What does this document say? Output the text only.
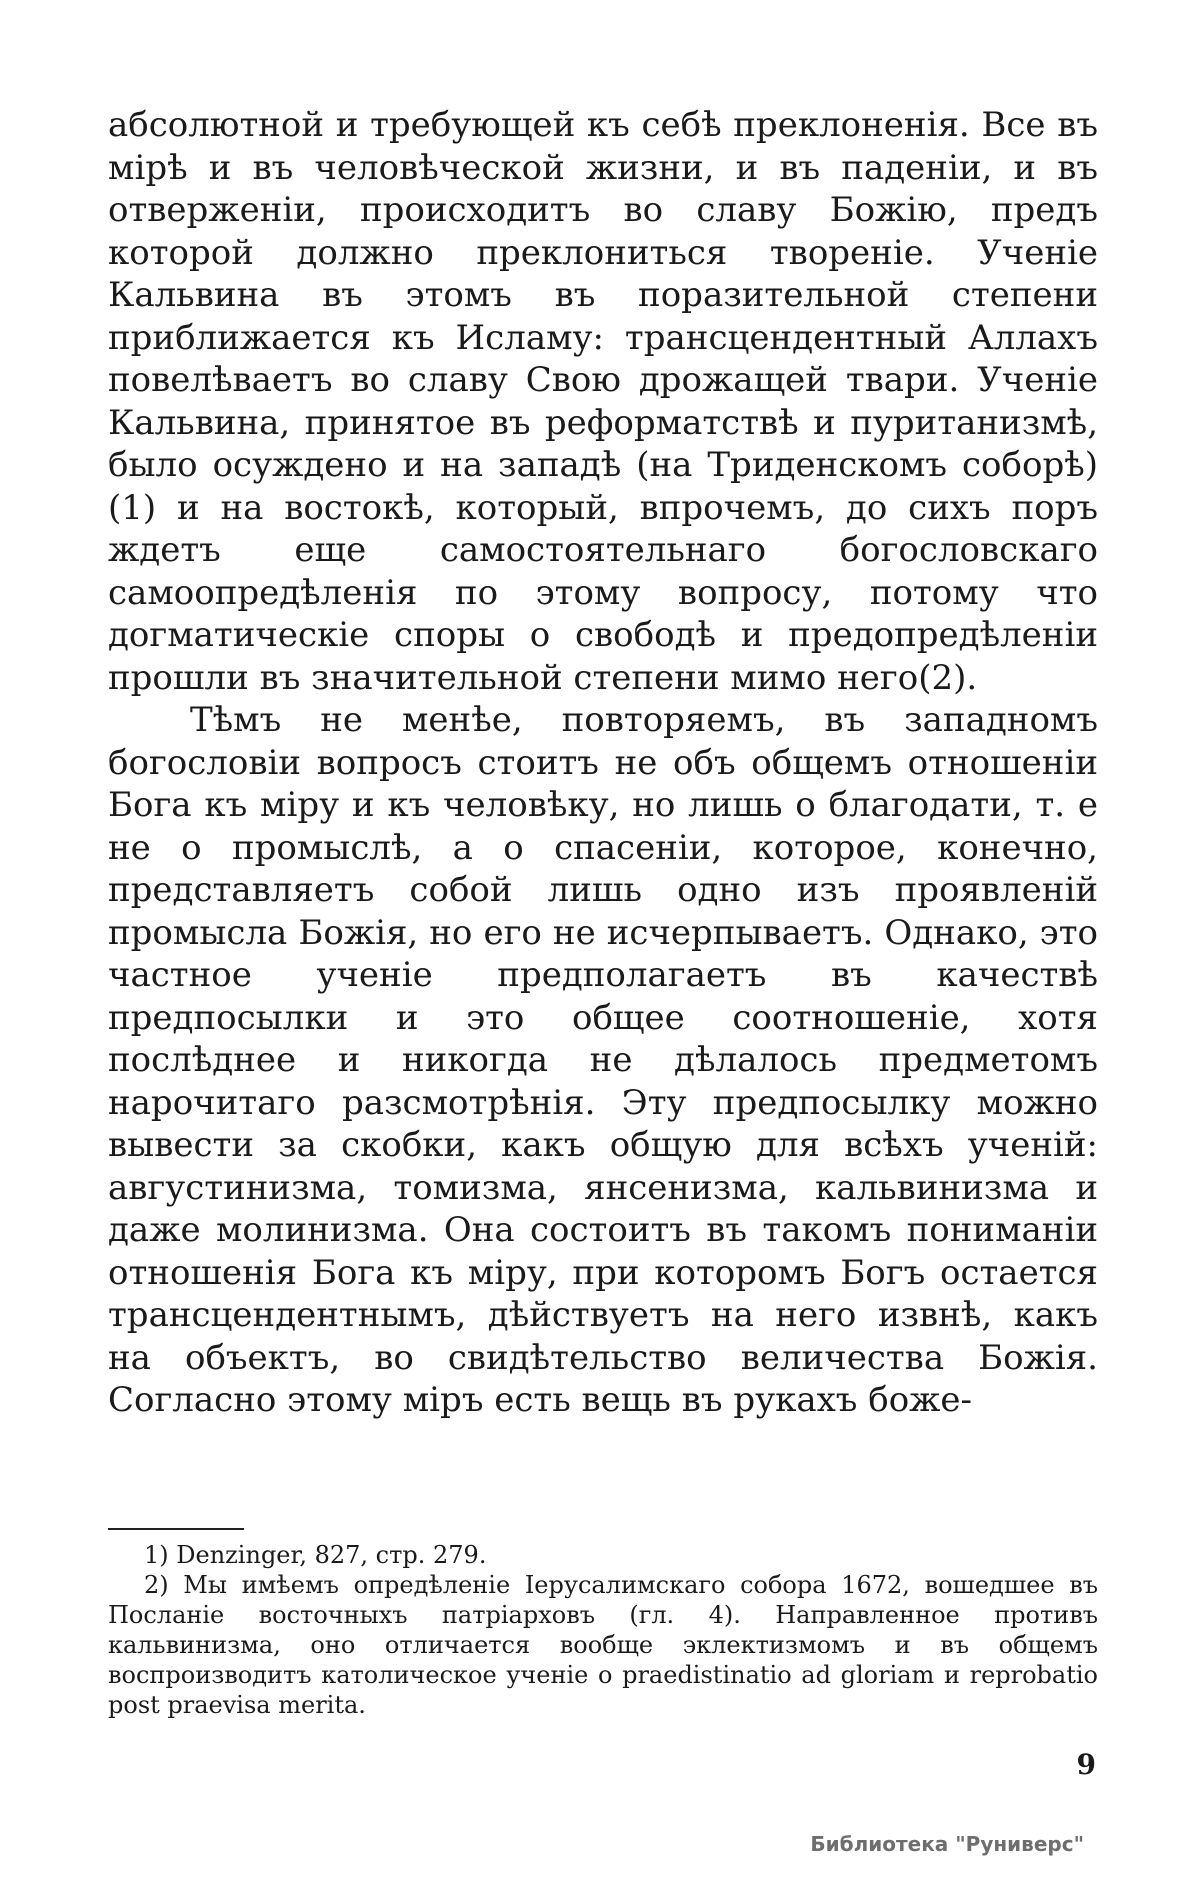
абсолютной и требующей къ себѣ преклоненія. Все въ мірѣ и въ человѣческой жизни, и въ паденіи, и въ отверженіи, происходитъ во славу Божію, предъ которой должно преклониться твореніе. Ученіе Кальвина въ этомъ въ поразительной степени приближается къ Исламу: трансцендентный Аллахъ повелѣваетъ во славу Свою дрожащей твари. Ученіе Кальвина, принятое въ реформатствѣ и пуританизмѣ, было осуждено и на западѣ (на Триденскомъ соборѣ)(1) и на востокѣ, который, впрочемъ, до сихъ поръ ждетъ еще самостоятельнаго богословскаго самоопредѣленія по этому вопросу, потому что догматическіе споры о свободѣ и предопредѣленіи прошли въ значительной степени мимо него(2).

Тѣмъ не менѣе, повторяемъ, въ западномъ богословіи вопросъ стоитъ не объ общемъ отношеніи Бога къ міру и къ человѣку, но лишь о благодати, т. е не о промыслѣ, а о спасеніи, которое, конечно, представляетъ собой лишь одно изъ проявленій промысла Божія, но его не исчерпываетъ. Однако, это частное ученіе предполагаетъ въ качествѣ предпосылки и это общее соотношеніе, хотя послѣднее и никогда не дѣлалось предметомъ нарочитаго разсмотрѣнія. Эту предпосылку можно вывести за скобки, какъ общую для всѣхъ ученій: августинизма, томизма, янсенизма, кальвинизма и даже молинизма. Она состоитъ въ такомъ пониманіи отношенія Бога къ міру, при которомъ Богъ остается трансцендентнымъ, дѣйствуетъ на него извнѣ, какъ на объектъ, во свидѣтельство величества Божія. Согласно этому міръ есть вещь въ рукахъ боже-

1) Denzinger, 827, стр. 279.

2) Мы имѣемъ опредѣленіе Іерусалимскаго собора 1672, вошедшее въ Посланіе восточныхъ патріарховъ (гл. 4). Направленное противъ кальвинизма, оно отличается вообще эклектизмомъ и въ общемъ воспроизводитъ католическое ученіе о praedistinatio ad gloriam и reprobatio post praevisa merita.

9
Библиотека "Руниверс"
